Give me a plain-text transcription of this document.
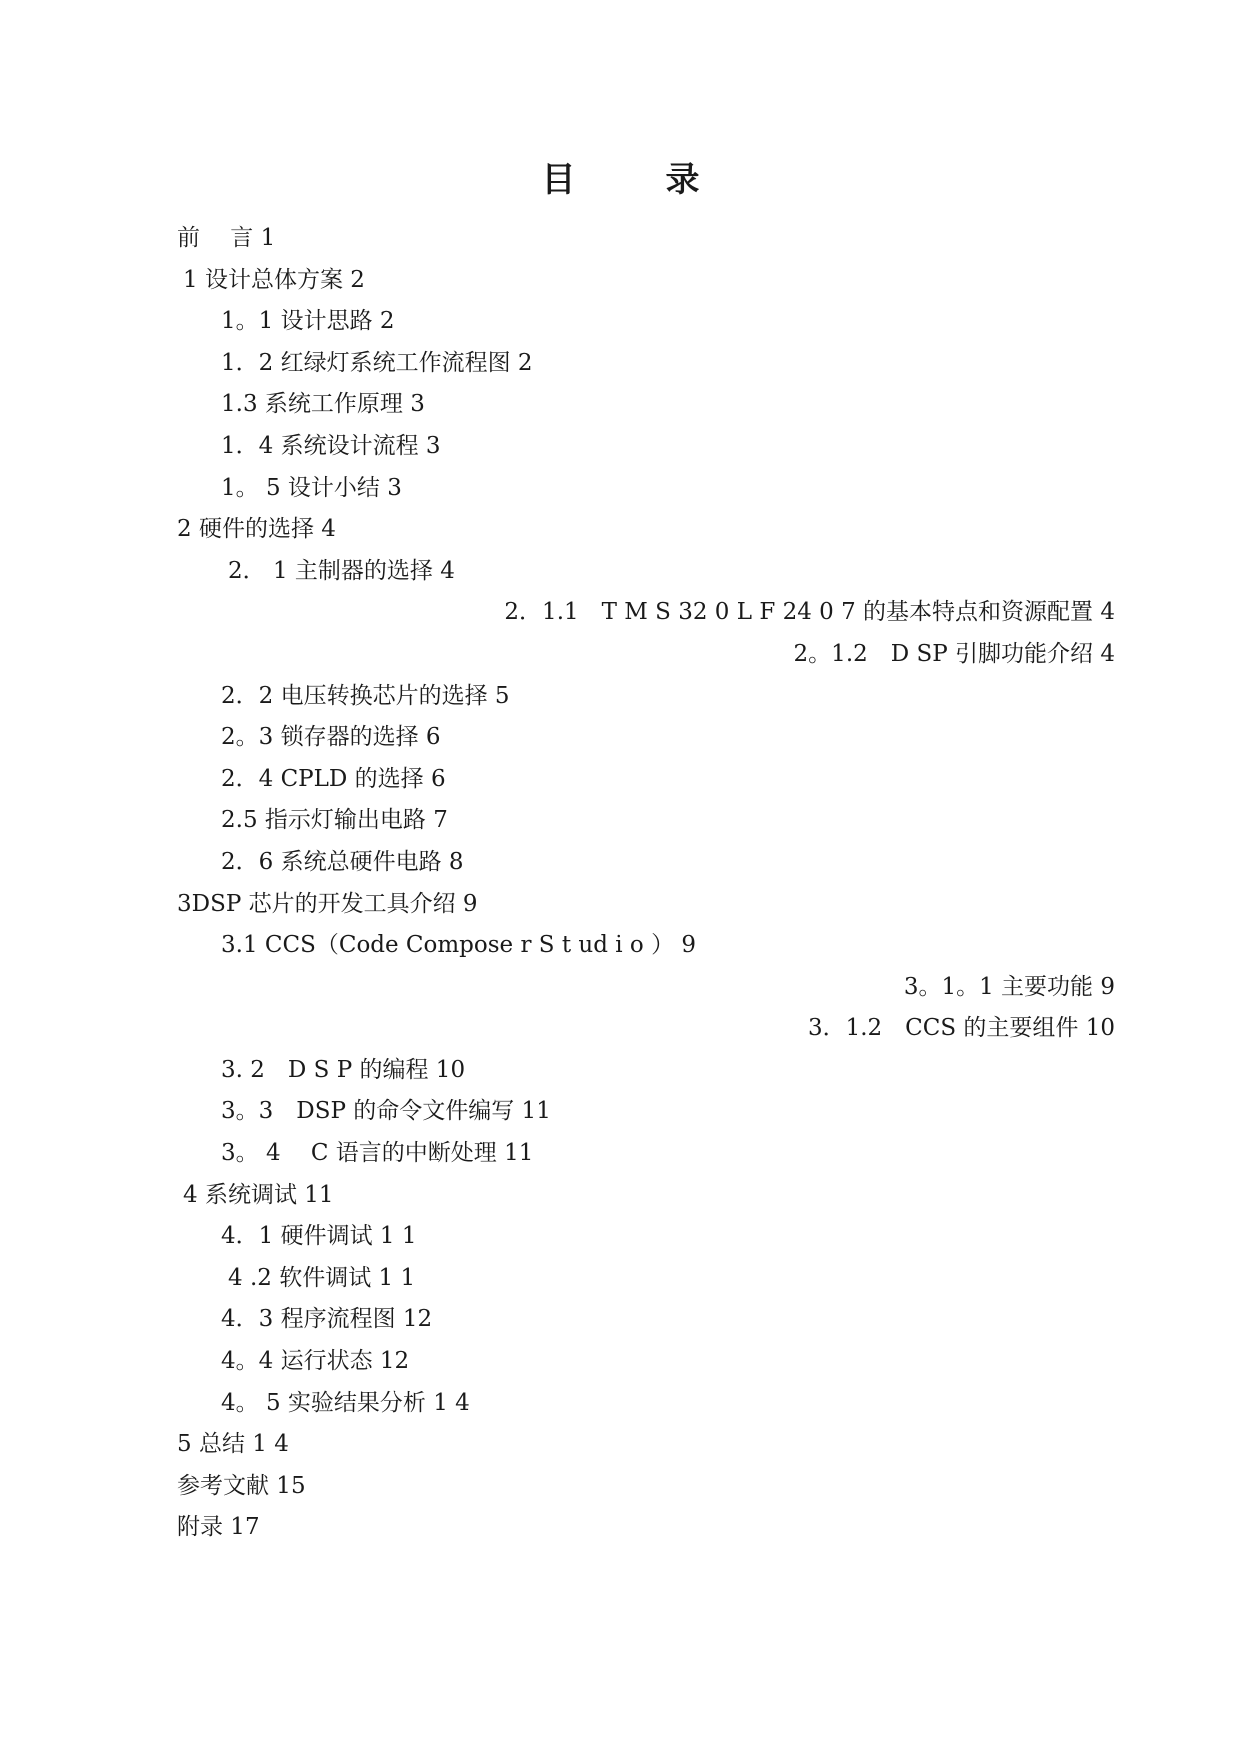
目　录
前　 言 1
1 设计总体方案 2
1。1 设计思路 2
1．2 红绿灯系统工作流程图 2
1.3 系统工作原理 3
1．4 系统设计流程 3
1。 5 设计小结 3
2 硬件的选择 4
2． 1 主制器的选择 4
2．1.1　T M S 32 0 L F 24 0 7 的基本特点和资源配置 4
2。1.2　D SP 引脚功能介绍 4
2．2 电压转换芯片的选择 5
2。3 锁存器的选择 6
2．4 CPLD 的选择 6
2.5 指示灯输出电路 7
2．6 系统总硬件电路 8
3DSP 芯片的开发工具介绍 9
3.1 CCS（Code Compose r S t ud i o ） 9
3。1。1 主要功能 9
3．1.2　CCS 的主要组件 10
3. 2　D S P 的编程 10
3。3　DSP 的命令文件编写 11
3。 4 　C 语言的中断处理 11
4 系统调试 11
4．1 硬件调试 1 1
4 .2 软件调试 1 1
4．3 程序流程图 12
4。4 运行状态 12
4。 5 实验结果分析 1 4
5 总结 1 4
参考文献 15
附录 17
